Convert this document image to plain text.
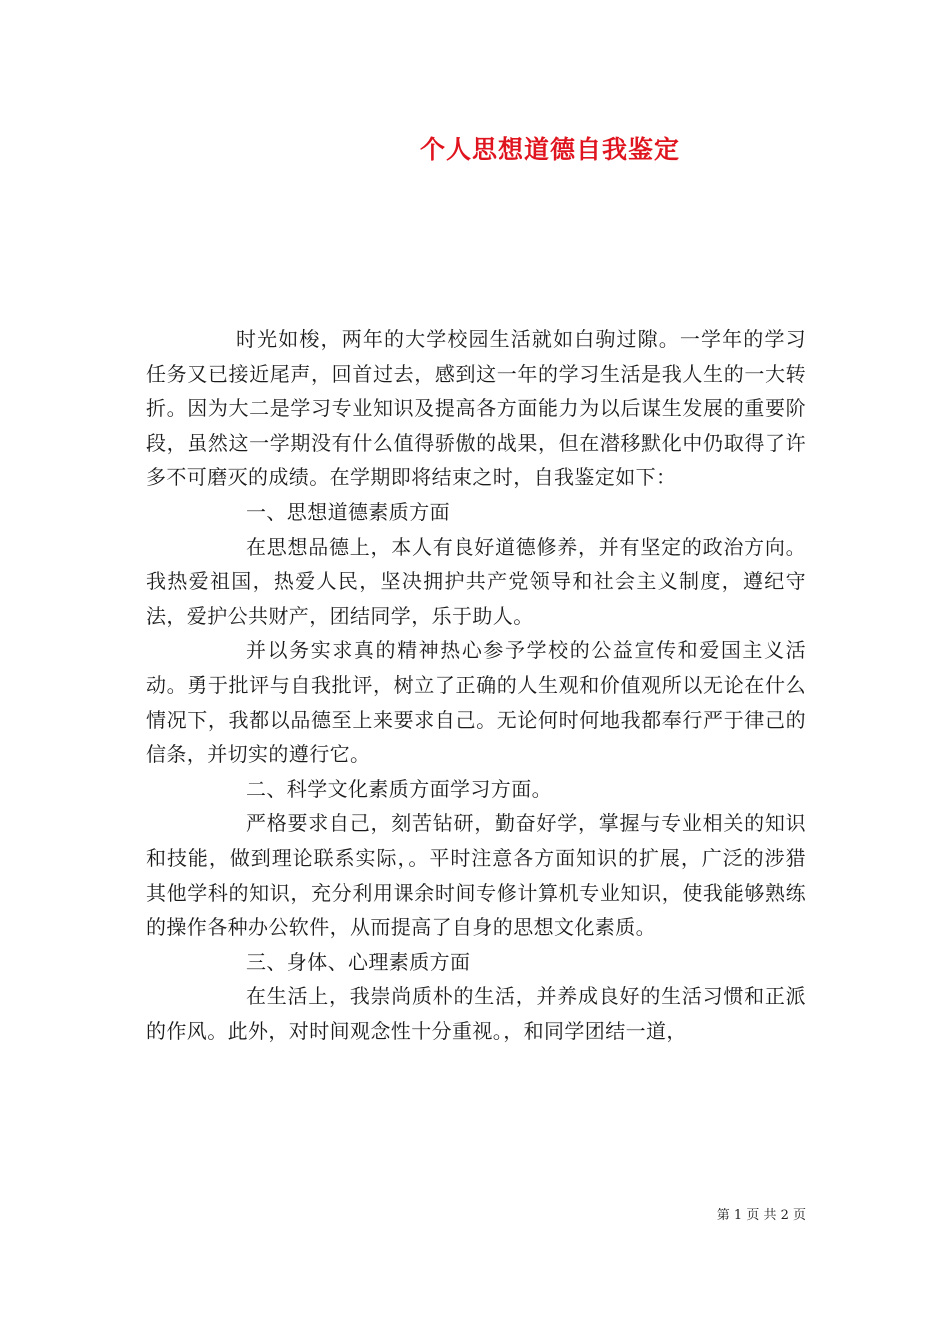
个人思想道德自我鉴定

时光如梭，两年的大学校园生活就如白驹过隙。一学年的学习任务又已接近尾声，回首过去，感到这一年的学习生活是我人生的一大转折。因为大二是学习专业知识及提高各方面能力为以后谋生发展的重要阶段，虽然这一学期没有什么值得骄傲的战果，但在潜移默化中仍取得了许多不可磨灭的成绩。在学期即将结束之时，自我鉴定如下：

一、思想道德素质方面

在思想品德上，本人有良好道德修养，并有坚定的政治方向。我热爱祖国，热爱人民，坚决拥护共产党领导和社会主义制度，遵纪守法，爱护公共财产，团结同学，乐于助人。

并以务实求真的精神热心参予学校的公益宣传和爱国主义活动。勇于批评与自我批评，树立了正确的人生观和价值观所以无论在什么情况下，我都以品德至上来要求自己。无论何时何地我都奉行严于律己的信条，并切实的遵行它。

二、科学文化素质方面学习方面。

严格要求自己，刻苦钻研，勤奋好学，掌握与专业相关的知识和技能，做到理论联系实际，。平时注意各方面知识的扩展，广泛的涉猎其他学科的知识，充分利用课余时间专修计算机专业知识，使我能够熟练的操作各种办公软件，从而提高了自身的思想文化素质。

三、身体、心理素质方面

在生活上，我崇尚质朴的生活，并养成良好的生活习惯和正派的作风。此外，对时间观念性十分重视。，和同学团结一道，

第 1 页 共 2 页
